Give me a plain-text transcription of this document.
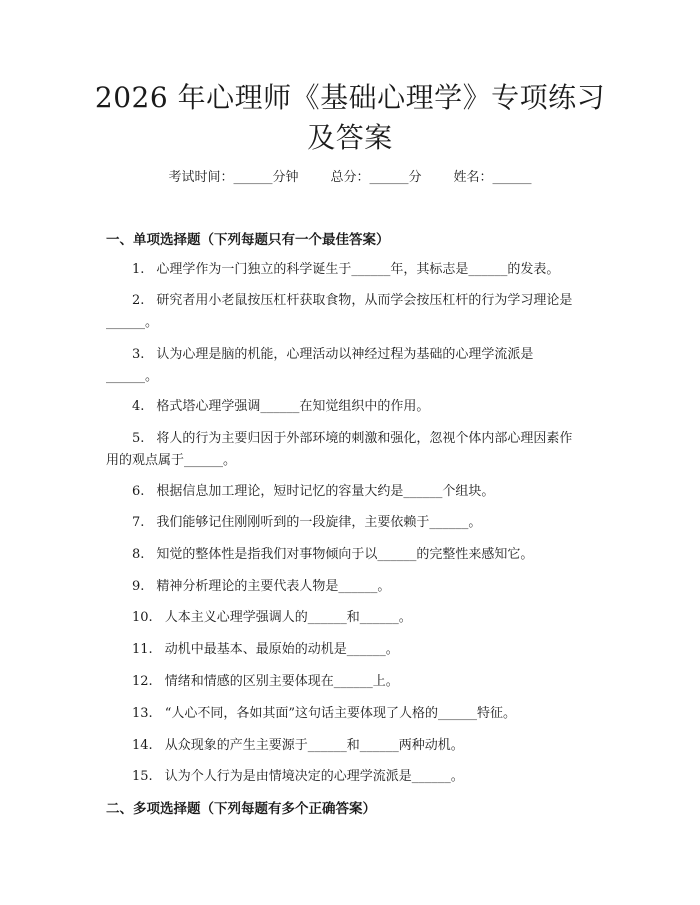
2026 年心理师《基础心理学》专项练习及答案
考试时间：______分钟 总分：______分 姓名：______
一、单项选择题（下列每题只有一个最佳答案）
1. 心理学作为一门独立的科学诞生于______年，其标志是______的发表。
2. 研究者用小老鼠按压杠杆获取食物，从而学会按压杠杆的行为学习理论是
______。
3. 认为心理是脑的机能，心理活动以神经过程为基础的心理学流派是
______。
4. 格式塔心理学强调______在知觉组织中的作用。
5. 将人的行为主要归因于外部环境的刺激和强化，忽视个体内部心理因素作
用的观点属于______。
6. 根据信息加工理论，短时记忆的容量大约是______个组块。
7. 我们能够记住刚刚听到的一段旋律，主要依赖于______。
8. 知觉的整体性是指我们对事物倾向于以______的完整性来感知它。
9. 精神分析理论的主要代表人物是______。
10. 人本主义心理学强调人的______和______。
11. 动机中最基本、最原始的动机是______。
12. 情绪和情感的区别主要体现在______上。
13. “人心不同，各如其面”这句话主要体现了人格的______特征。
14. 从众现象的产生主要源于______和______两种动机。
15. 认为个人行为是由情境决定的心理学流派是______。
二、多项选择题（下列每题有多个正确答案）
